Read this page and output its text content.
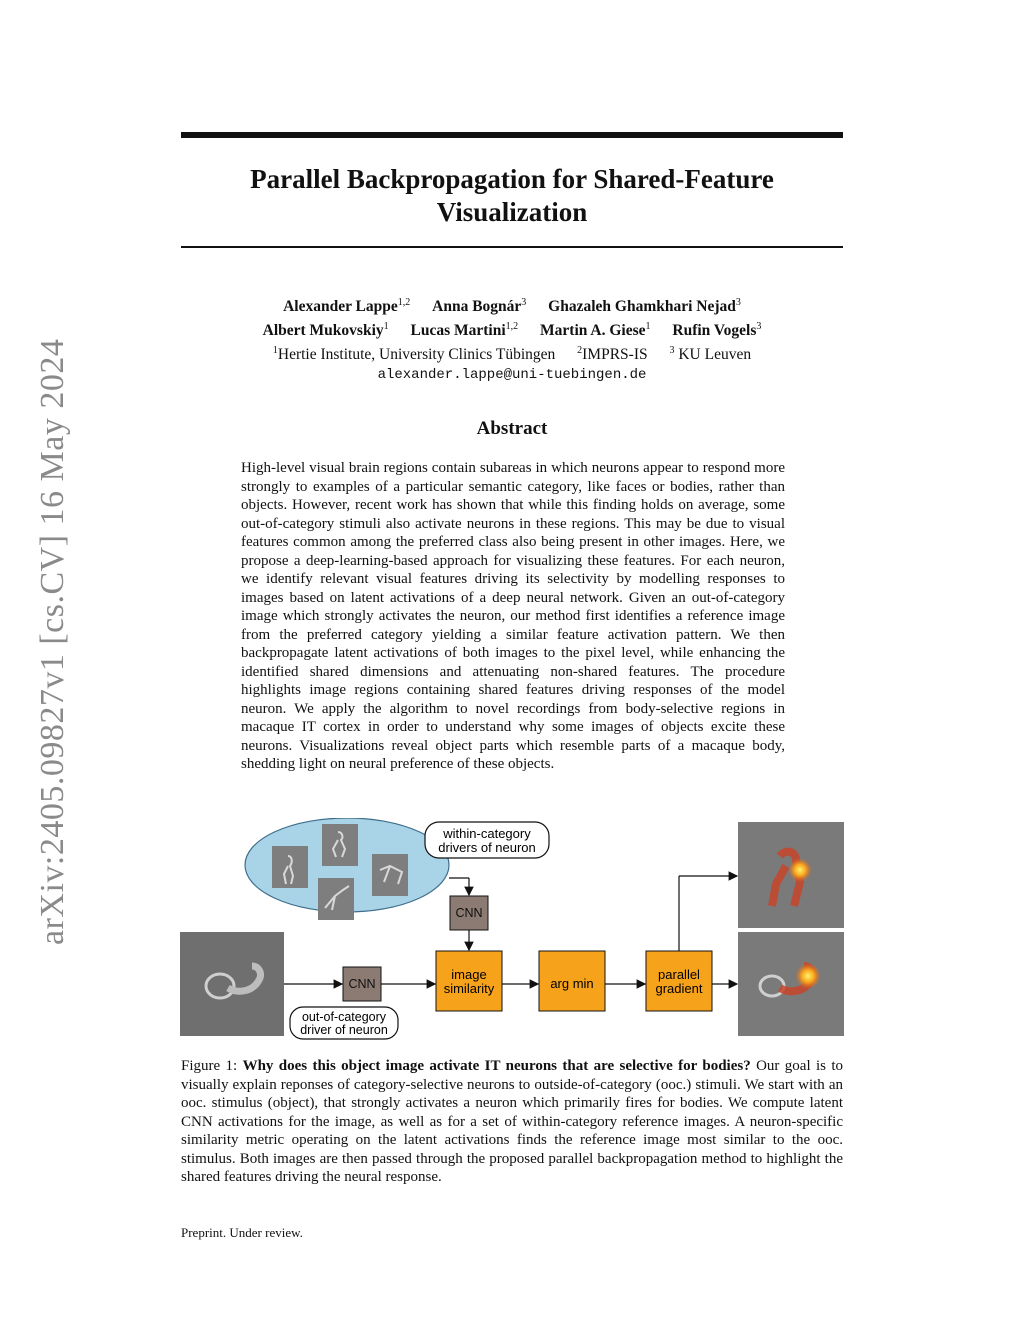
arXiv:2405.09827v1 [cs.CV] 16 May 2024
Parallel Backpropagation for Shared-Feature Visualization
Alexander Lappe$^{1,2}$ Anna Bognár$^3$ Ghazaleh Ghamkhari Nejad$^3$
Albert Mukovskiy$^1$ Lucas Martini$^{1,2}$ Martin A. Giese$^1$ Rufin Vogels$^3$
$^1$Hertie Institute, University Clinics Tübingen $^2$IMPRS-IS $^3$ KU Leuven
alexander.lappe@uni-tuebingen.de
Abstract
High-level visual brain regions contain subareas in which neurons appear to respond more strongly to examples of a particular semantic category, like faces or bodies, rather than objects. However, recent work has shown that while this finding holds on average, some out-of-category stimuli also activate neurons in these regions. This may be due to visual features common among the preferred class also being present in other images. Here, we propose a deep-learning-based approach for visualizing these features. For each neuron, we identify relevant visual features driving its selectivity by modelling responses to images based on latent activations of a deep neural network. Given an out-of-category image which strongly activates the neuron, our method first identifies a reference image from the preferred category yielding a similar feature activation pattern. We then backpropagate latent activations of both images to the pixel level, while enhancing the identified shared dimensions and attenuating non-shared features. The procedure highlights image regions containing shared features driving responses of the model neuron. We apply the algorithm to novel recordings from body-selective regions in macaque IT cortex in order to understand why some images of objects excite these neurons. Visualizations reveal object parts which resemble parts of a macaque body, shedding light on neural preference of these objects.
within-category
drivers of neuron
CNN
CNN
image
similarity	arg min
parallel
gradient
out-of-category
driver of neuron
Figure 1: Why does this object image activate IT neurons that are selective for bodies? Our goal is to visually explain reponses of category-selective neurons to outside-of-category (ooc.) stimuli. We start with an ooc. stimulus (object), that strongly activates a neuron which primarily fires for bodies. We compute latent CNN activations for the image, as well as for a set of within-category reference images. A neuron-specific similarity metric operating on the latent activations finds the reference image most similar to the ooc. stimulus. Both images are then passed through the proposed parallel backpropagation method to highlight the shared features driving the neural response.
Preprint. Under review.
